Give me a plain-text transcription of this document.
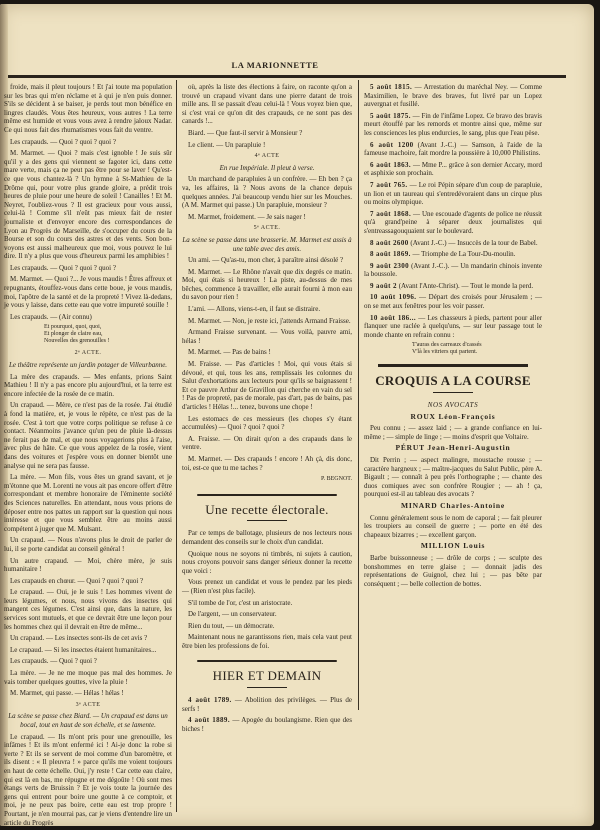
LA MARIONNETTE

froide, mais il pleut toujours ! Et j'ai toute ma population sur les bras qui m'en réclame et à qui je n'en puis donner. S'ils se décident à se baiser, je perds tout mon bénéfice en lingres claudés. Vous êtes heureux, vous autres ! La terre même est humide et vous vous avez à rendre jaloux Nadar. Ce qui nous fait des rhumatismes vous fait du ventre.

Les crapauds. — Quoi ? quoi ? quoi ?

M. Marmet. — Quoi ? mais c'est ignoble ! Je suis sûr qu'il y a des gens qui viennent se fagoter ici, dans cette mare verte, mais ça ne peut pas être pour se laver ! Qu'est-ce que vous chantez-là ? Un hymne à St-Mathieu de la Drôme qui, pour votre plus grande gloire, a prédit trois heures de pluie pour une heure de soleil ! Canailles ! Et M. Neyret, l'oubliez-vous ? Il est gracieux pour vous aussi, celui-là ! Comme s'il n'eût pas mieux fait de rester journaliste et d'envoyer encore des correspondances de Lyon au Progrès de Marseille, de s'occuper du cours de la Bourse et son du cours des astres et des vents. Son bon-voyons est aussi malheureux que moi, vous pouvez le lui dire. Il n'y a plus que vous d'heureux parmi les amphibies !

Les crapauds. — Quoi ? quoi ? quoi ?

M. Marmet. — Quoi ?... Je vous maudis ! Êtres affreux et repugnants, étouffez-vous dans cette boue, je vous maudis, moi, l'apôtre de la santé et de la propreté ! Vivez là-dedans, je vous y laisse, dans cette eau que votre impureté souille !

Les crapauds. — (Air connu)

Et pourquoi, quoi, quoi,
Et plonger de claire eau,
Nouvelles des grenouilles !

2ᵉ ACTE.

Le théâtre représente un jardin potager de Villeurbanne.

La mère des crapauds. — Mes enfants, prions Saint Mathieu ! Il n'y a pas encore plu aujourd'hui, et la terre est encore infectée de la rosée de ce matin.

Un crapaud. — Mère, ce n'est pas de la rosée. J'ai étudié à fond la matière, et, je vous le répète, ce n'est pas de la rosée. C'est à tort que votre corps politique se refuse à ce contact. Néanmoins j'avance qu'un peu de pluie là-dessus ne ferait pas de mal, et que nous voyagerions plus à l'aise, avec plus de hâte. Ce que vous appelez de la rosée, vient dans des voitures et j'espère vous en donner bientôt une analyse qui ne sera pas fausse.

La mère. — Mon fils, vous êtes un grand savant, et je m'étonne que M. Lorenti ne vous ait pas encore offert d'être correspondant et membre honoraire de l'éminente société des Sciences naturelles. En attendant, nous vous prions de déposer entre nos pattes un rapport sur la question qui nous intéresse et que vous semblez être au moins aussi compétent à juger que M. Mulsant.

Un crapaud. — Nous n'avons plus le droit de parler de lui, il se porte candidat au conseil général !

Un autre crapaud. — Moi, chère mère, je suis humanitaire !

Les crapauds en chœur. — Quoi ? quoi ? quoi ?

Le crapaud. — Oui, je le suis ! Les hommes vivent de leurs légumes, et nous, nous vivons des insectes qui mangent ces légumes. C'est ainsi que, dans la nature, les services sont mutuels, et que ce devrait être une leçon pour les hommes chez qui il devrait en être de même...

Un crapaud. — Les insectes sont-ils de cet avis ?

Le crapaud. — Si les insectes étaient humanitaires...

Les crapauds. — Quoi ? quoi ?

La mère. — Je ne me moque pas mal des hommes. Je vais tomber quelques gouttes, vive la pluie !

M. Marmet, qui passe. — Hélas ! hélas !

3ᵉ ACTE

La scène se passe chez Biard. — Un crapaud est dans un bocal, tout en haut de son échelle, et se lamente.

Le crapaud. — Ils m'ont pris pour une grenouille, les infâmes ! Et ils m'ont enfermé ici ! Ai-je donc la robe si verte ? Et ils se servent de moi comme d'un baromètre, et ils disent : « Il pleuvra ! » parce qu'ils me voient toujours en haut de cette échelle. Oui, j'y reste ! Car cette eau claire, qui est là en bas, me répugne et me dégoûte ! Où sont mes étangs verts de Bruissin ? Et je vois toute la journée des gens qui entrent pour boire une goutte à ce comptoir, et moi, je ne peux pas boire, cette eau est trop propre ! Pourtant, je n'en mourrai pas, car je viens d'entendre lire un article du Progrès

où, après la liste des élections à faire, on raconte qu'on a trouvé un crapaud vivant dans une pierre datant de trois mille ans. Il se passait d'eau celui-là ! Vous voyez bien que, si c'est vrai ce qu'on dit des crapauds, ce ne sont pas des canards !...

Biard. — Que faut-il servir à Monsieur ?

Le client. — Un parapluie !

4ᵉ ACTE

En rue Impériale. Il pleut à verse.

Un marchand de parapluies à un confrère. — Eh ben ? ça va, les affaires, là ? Nous avons de la chance depuis quelques années. J'ai beaucoup vendu hier sur les Mouches. (A M. Marmet qui passe.) Un parapluie, monsieur ?

M. Marmet, froidement. — Je sais nager !

5ᵉ ACTE.

La scène se passe dans une brasserie. M. Marmet est assis à une table avec des amis.

Un ami. — Qu'as-tu, mon cher, à paraître ainsi désolé ?

M. Marmet. — Le Rhône n'avait que dix degrés ce matin. Moi, qui étais si heureux ! La piste, au-dessus de mes bêches, commence à travailler, elle aurait fourni à mon eau du savon pour rien !

L'ami. — Allons, viens-t-en, il faut se distraire.

M. Marmet. — Non, je reste ici, j'attends Armand Fraisse.

Armand Fraisse survenant. — Vous voilà, pauvre ami, hélas !

M. Marmet. — Pas de bains !

M. Fraisse. — Pas d'articles ! Moi, qui vous étais si dévoué, et qui, tous les ans, remplissais les colonnes du Salut d'exhortations aux lecteurs pour qu'ils se baignassent ! Et ce pauvre Arthur de Gravillon qui cherche en vain du sel ! Pas de propreté, pas de morale, pas d'art, pas de bains, pas d'articles ! Hélas !... tenez, buvons une chope !

Les estomacs de ces messieurs (les chopes s'y étant accumulées) — Quoi ? quoi ? quoi ?

A. Fraisse. — On dirait qu'on a des crapauds dans le ventre.

M. Marmet. — Des crapauds ! encore ! Ah çà, dis donc, toi, est-ce que tu me taches ?

P. BEGNOT.

Une recette électorale.

Par ce temps de ballotage, plusieurs de nos lecteurs nous demandent des conseils sur le choix d'un candidat.

Quoique nous ne soyons ni timbrés, ni sujets à caution, nous croyons pouvoir sans danger sérieux donner la recette que voici :

Vous prenez un candidat et vous le pendez par les pieds — (Rien n'est plus facile).

S'il tombe de l'or, c'est un aristocrate.

De l'argent, — un conservateur.

Rien du tout, — un démocrate.

Maintenant nous ne garantissons rien, mais cela vaut peut être bien les professions de foi.

HIER ET DEMAIN

4 août 1789. — Abolition des privilèges. — Plus de serfs !

4 août 1889. — Apogée du boulangisme. Rien que des biches !

5 août 1815. — Arrestation du maréchal Ney. — Comme Maximilien, le brave des braves, fut livré par un Lopez auvergnat et fusillé.

5 août 1875. — Fin de l'infâme Lopez. Ce bravo des bravis meurt étouffé par les remords et montre ainsi que, même sur les consciences les plus endurcies, le sang, plus que l'eau pèse.

6 août 1200 (Avant J.-C.) — Samson, à l'aide de la fameuse machoire, fait mordre la poussière à 10,000 Philistins.

6 août 1863. — Mme P... grâce à son dernier Accary, mord et asphixie son prochain.

7 août 765. — Le roi Pépin sépare d'un coup de parapluie, un lion et un taureau qui s'entredévoraient dans un cirque plus ou moins olympique.

7 août 1868. — Une escouade d'agents de police ne réussit qu'à grand'peine à séparer deux journalistes qui s'entreassagouquaient sur le boulevard.

8 août 2600 (Avant J.-C.) — Insuccès de la tour de Babel.

8 août 1869. — Triomphe de La Tour-Du-moulin.

9 août 2300 (Avant J.-C.). — Un mandarin chinois invente la boussole.

9 août 2 (Avant l'Ante-Christ). — Tout le monde la perd.

10 août 1096. — Départ des croisés pour Jérusalem ; — on se met aux fenêtres pour les voir passer.

10 août 186... — Les chasseurs à pieds, partent pour aller flanquer une raclée à quelqu'uns, — sur leur passage tout le monde chante en refrain connu :

T'auras des carreaux d'cassés
V'là les vitriers qui partent.
CROQUIS A LA COURSE

NOS AVOCATS

ROUX Léon-François

Peu connu ; — assez laid ; — a grande confiance en lui-même ; — simple de linge ; — moins d'esprit que Voltaire.

PÉRUT Jean-Henri-Augustin

Dit Perrin ; — aspect malingre, moustache rousse ; — caractère hargneux ; — maître-jacques du Salut Public, père A. Bigault ; — connaît à peu près l'orthographe ; — chante des duos comiques avec son confrère Rougier ; — ah ! ça, pourquoi est-il au tableau des avocats ?

MINARD Charles-Antoine

Connu généralement sous le nom de caporal ; — fait pleurer les troupiers au conseil de guerre ; — porte en été des chapeaux bizarres ; — excellent garçon.

MILLION Louis

Barbe buissonneuse ; — drôle de corps ; — sculpte des bonshommes en terre glaise ; — donnait jadis des représentations de Guignol, chez lui ; — pas bête par conséquent ; — belle collection de bottes.
